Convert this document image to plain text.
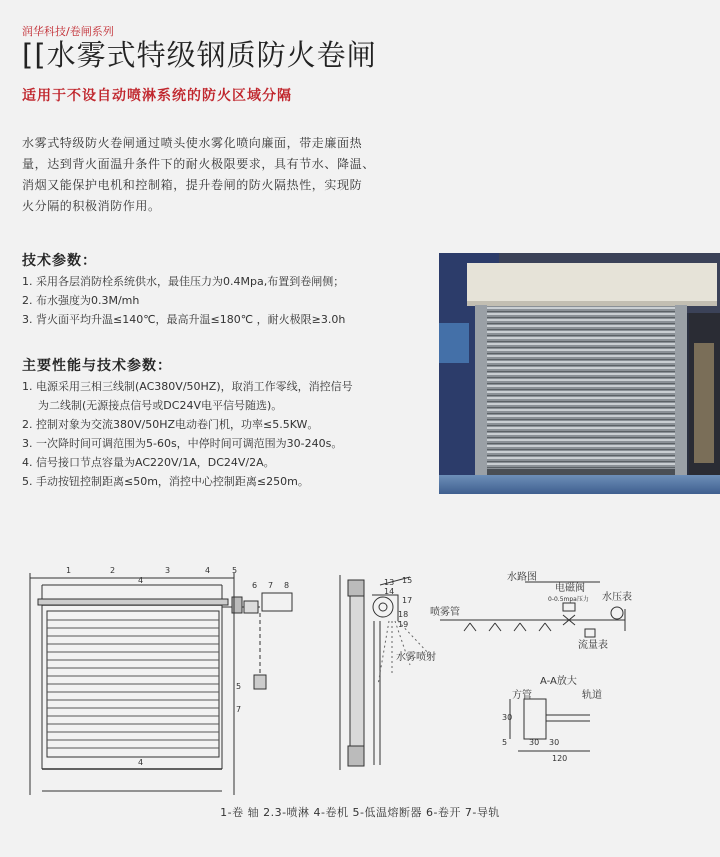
润华科技/卷闸系列
[[水雾式特级钢质防火卷闸
适用于不设自动喷淋系统的防火区域分隔
水雾式特级防火卷闸通过喷头使水雾化喷向廉面，带走廉面热
量，达到背火面温升条件下的耐火极限要求，具有节水、降温、
消烟又能保护电机和控制箱，提升卷闸的防火隔热性，实现防
火分隔的积极消防作用。
技术参数：
1. 采用各层消防栓系统供水，最佳压力为0.4Mpa,布置到卷闸侧；
2. 布水强度为0.3M/mh
3. 背火面平均升温≤140℃，最高升温≤180℃ ，耐火极限≥3.0h
主要性能与技术参数：
1. 电源采用三相三线制(AC380V/50HZ)，取消工作零线，消控信号
为二线制(无源接点信号或DC24V电平信号随选)。
2. 控制对象为交流380V/50HZ电动卷门机，功率≤5.5KW。
3. 一次降时间可调范围为5-60s，中停时间可调范围为30-240s。
4. 信号接口节点容量为AC220V/1A，DC24V/2A。
5. 手动按钮控制距离≤50m，消控中心控制距离≤250m。
1	2	3	4	5
6 7 8
4
4
5
7
13
14
15
17
18
19
水雾喷射
水路图
电磁阀
0-0.5mpa压力 水压表
喷雾管
流量表
A-A放大
方管	轨道
30
30
5	30
120
1-卷 轴 2.3-喷淋 4-卷机 5-低温熔断器 6-卷开 7-导轨
